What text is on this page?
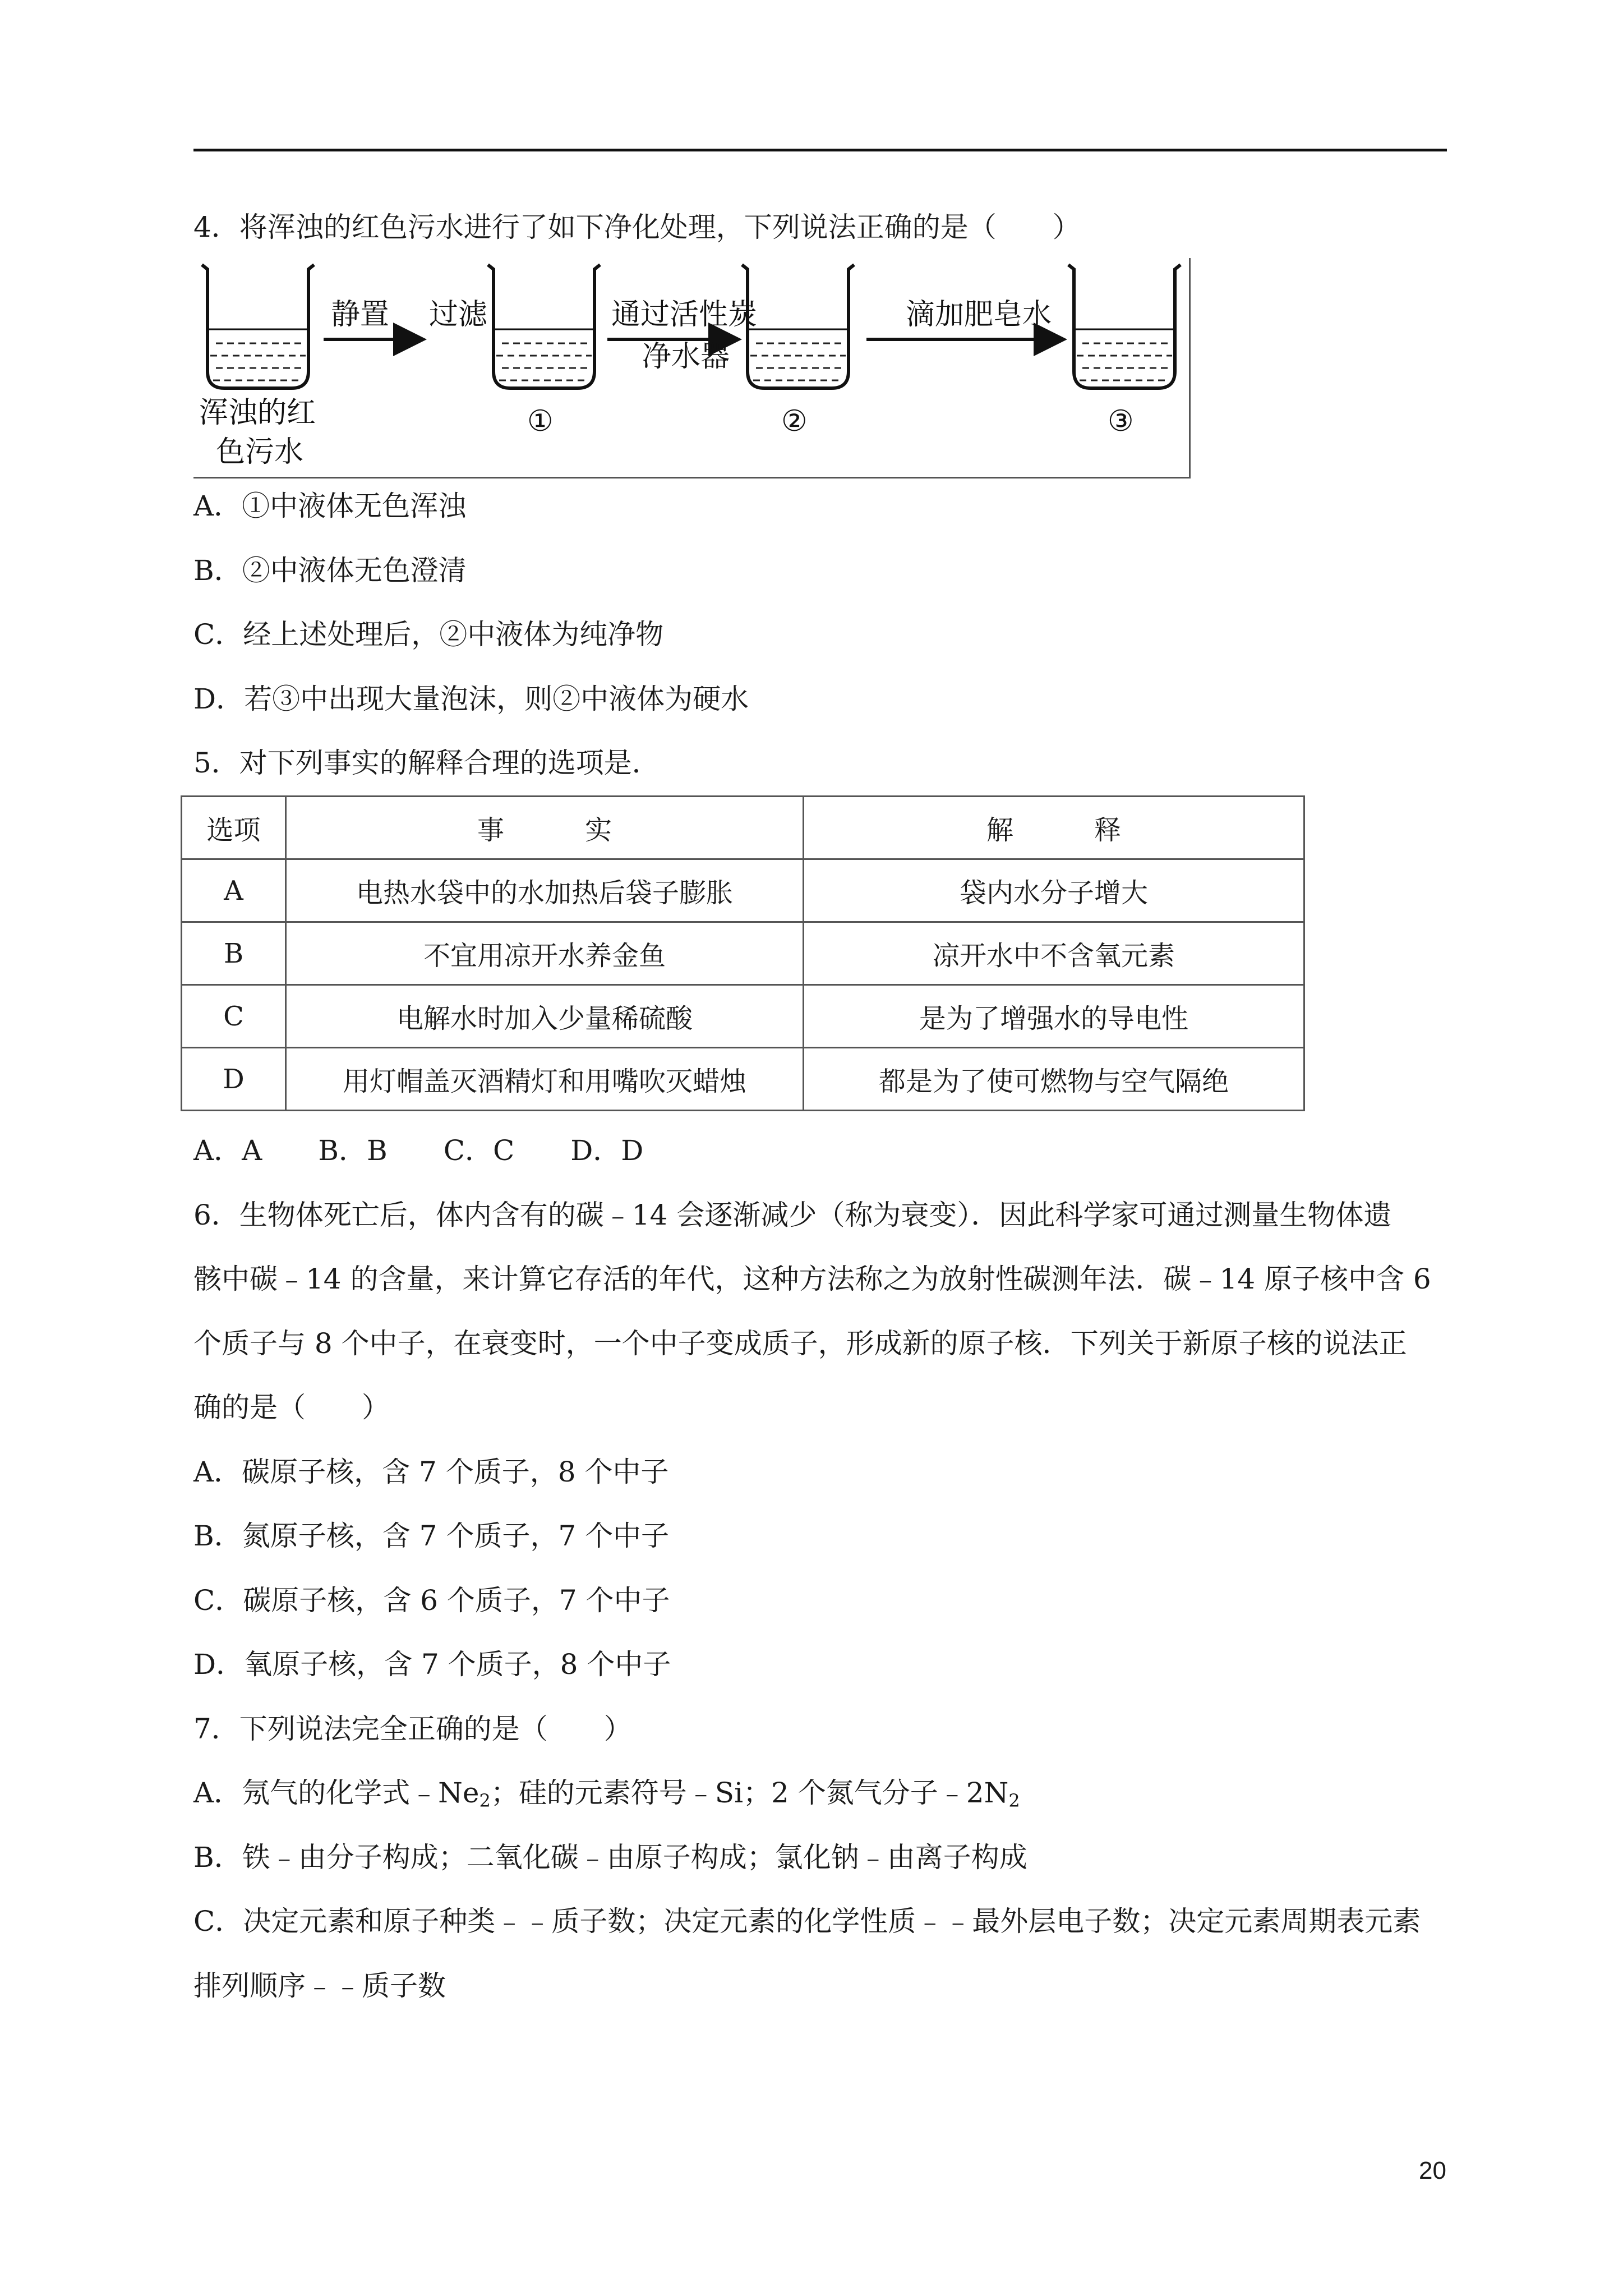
4．将浑浊的红色污水进行了如下净化处理，下列说法正确的是（　　）
浑浊的红
色污水
静置 过滤	通过活性炭
净水器
滴加肥皂水
①	②	③
A．①中液体无色浑浊
B．②中液体无色澄清
C．经上述处理后，②中液体为纯净物
D．若③中出现大量泡沫，则②中液体为硬水
5．对下列事实的解释合理的选项是．
选项	事　　　实	解　　　释
A	电热水袋中的水加热后袋子膨胀	袋内水分子增大
B	不宜用凉开水养金鱼	凉开水中不含氧元素
C	电解水时加入少量稀硫酸	是为了增强水的导电性
D	用灯帽盖灭酒精灯和用嘴吹灭蜡烛	都是为了使可燃物与空气隔绝
A．A　　B．B　　C．C　　D．D
6．生物体死亡后，体内含有的碳﹣14 会逐渐减少（称为衰变）．因此科学家可通过测量生物体遗
骸中碳﹣14 的含量，来计算它存活的年代，这种方法称之为放射性碳测年法．碳﹣14 原子核中含 6
个质子与 8 个中子，在衰变时，一个中子变成质子，形成新的原子核．下列关于新原子核的说法正
确的是（　　）
A．碳原子核，含 7 个质子，8 个中子
B．氮原子核，含 7 个质子，7 个中子
C．碳原子核，含 6 个质子，7 个中子
D．氧原子核，含 7 个质子，8 个中子
7．下列说法完全正确的是（　　）
A．氖气的化学式$﹣Ne_2$；硅的元素符号﹣Si；2 个氮气分子$﹣2N_2$
B．铁﹣由分子构成；二氧化碳﹣由原子构成；氯化钠﹣由离子构成
C．决定元素和原子种类﹣﹣质子数；决定元素的化学性质﹣﹣最外层电子数；决定元素周期表元素
排列顺序﹣﹣质子数
20
